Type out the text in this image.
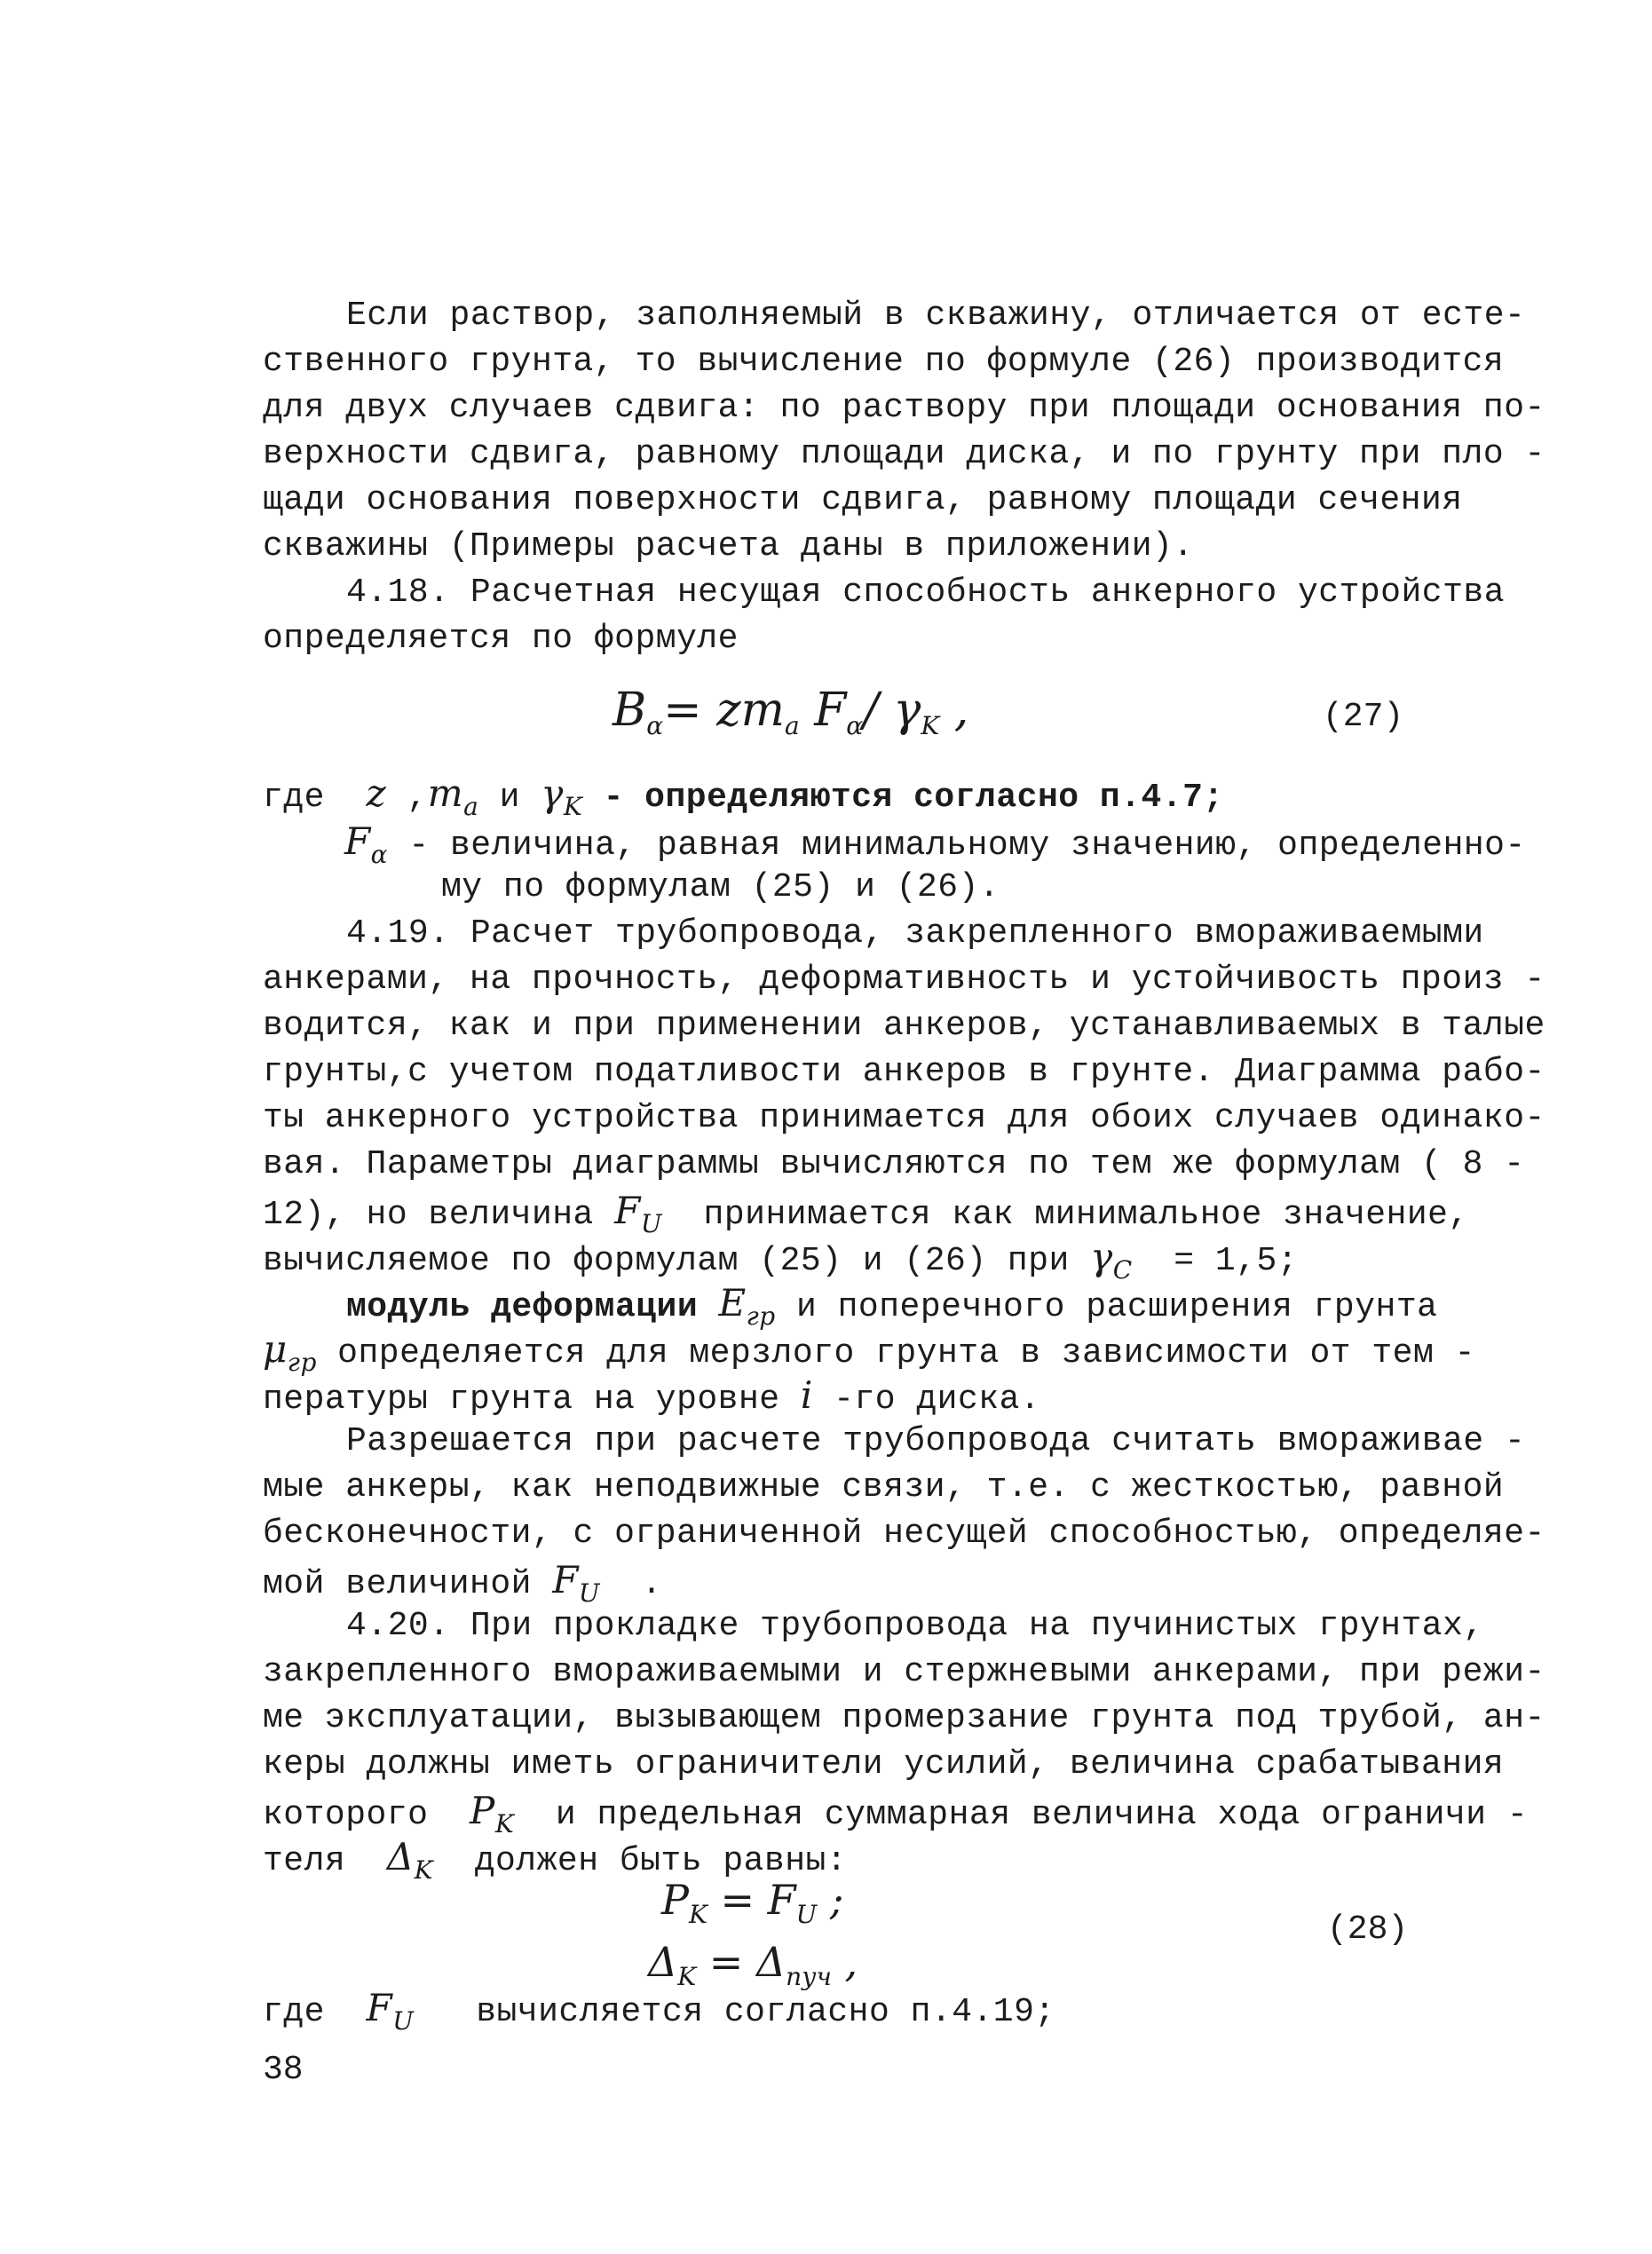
Если раствор, заполняемый в скважину, отличается от есте-
ственного грунта, то вычисление по формуле (26) производится
для двух случаев сдвига: по раствору при площади основания по-
верхности сдвига, равному площади диска, и по грунту при пло -
щади основания поверхности сдвига, равному площади сечения
скважины (Примеры расчета даны в приложении).
4.18. Расчетная несущая способность анкерного устройства
определяется по формуле
Bα= zma Fα/ γK ,	(27)
где z $,m_a$ и $\gamma_K$ - определяются согласно п.4.7;
$F_\alpha$ - величина, равная минимальному значению, определенно-
му по формулам (25) и (26).
4.19. Расчет трубопровода, закрепленного вмораживаемыми
анкерами, на прочность, деформативность и устойчивость произ -
водится, как и при применении анкеров, устанавливаемых в талые
грунты,с учетом податливости анкеров в грунте. Диаграмма рабо-
ты анкерного устройства принимается для обоих случаев одинако-
вая. Параметры диаграммы вычисляются по тем же формулам ( 8 -
12), но величина $F_U$  принимается как минимальное значение,
вычисляемое по формулам (25) и (26) при $\gamma_C = 1,5$;
модуль деформации $E_{гр}$ и поперечного расширения грунта
$\mu_{гр}$ определяется для мерзлого грунта в зависимости от тем -
пературы грунта на уровне i -го диска.
Разрешается при расчете трубопровода считать вмораживае -
мые анкеры, как неподвижные связи, т.е. с жесткостью, равной
бесконечности, с ограниченной несущей способностью, определяе-
мой величиной $F_U$  .
4.20. При прокладке трубопровода на пучинистых грунтах,
закрепленного вмораживаемыми и стержневыми анкерами, при режи-
ме эксплуатации, вызывающем промерзание грунта под трубой, ан-
керы должны иметь ограничители усилий, величина срабатывания
которого  $P_K$  и предельная суммарная величина хода ограничи -
теля  $\Delta_K$  должен быть равны:
$P_K = F_U$ ;
$\Delta_K = \Delta_{пуч}$ ,
(28)
где  $F_U$   вычисляется согласно п.4.19;
38
